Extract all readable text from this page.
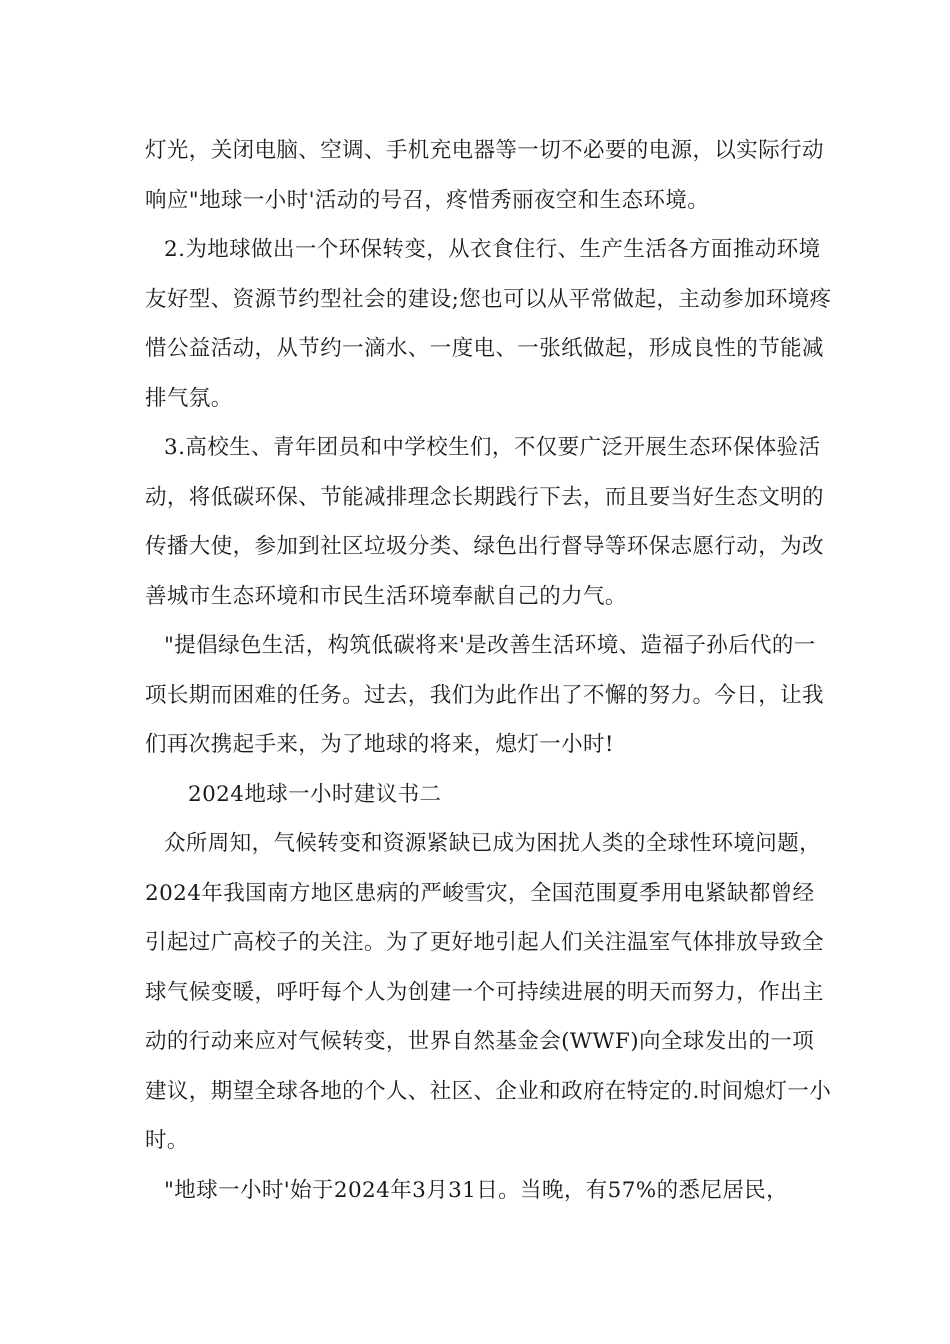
灯光，关闭电脑、空调、手机充电器等一切不必要的电源，以实际行动响应"地球一小时'活动的号召，疼惜秀丽夜空和生态环境。

2.为地球做出一个环保转变，从衣食住行、生产生活各方面推动环境友好型、资源节约型社会的建设;您也可以从平常做起，主动参加环境疼惜公益活动，从节约一滴水、一度电、一张纸做起，形成良性的节能减排气氛。

3.高校生、青年团员和中学校生们，不仅要广泛开展生态环保体验活动，将低碳环保、节能减排理念长期践行下去，而且要当好生态文明的传播大使，参加到社区垃圾分类、绿色出行督导等环保志愿行动，为改善城市生态环境和市民生活环境奉献自己的力气。

"提倡绿色生活，构筑低碳将来'是改善生活环境、造福子孙后代的一项长期而困难的任务。过去，我们为此作出了不懈的努力。今日，让我们再次携起手来，为了地球的将来，熄灯一小时!

2024地球一小时建议书二

众所周知，气候转变和资源紧缺已成为困扰人类的全球性环境问题，2024年我国南方地区患病的严峻雪灾，全国范围夏季用电紧缺都曾经引起过广高校子的关注。为了更好地引起人们关注温室气体排放导致全球气候变暖，呼吁每个人为创建一个可持续进展的明天而努力，作出主动的行动来应对气候转变，世界自然基金会(WWF)向全球发出的一项建议，期望全球各地的个人、社区、企业和政府在特定的.时间熄灯一小时。

"地球一小时'始于2024年3月31日。当晚，有57%的悉尼居民，
